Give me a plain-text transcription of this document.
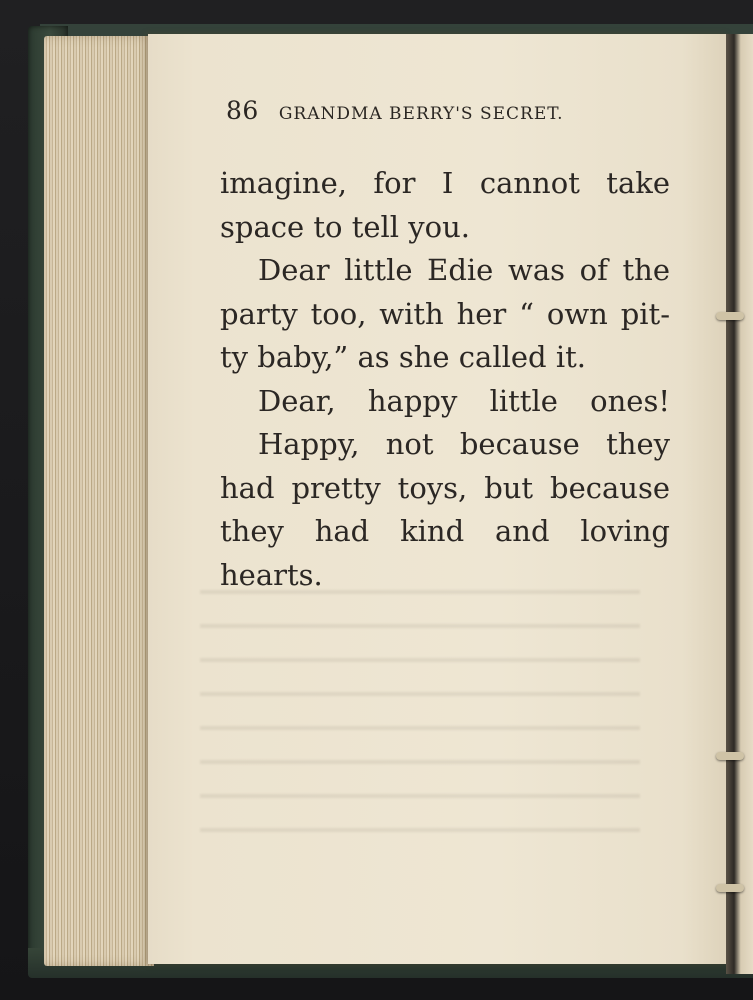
86 GRANDMA BERRY'S SECRET.
imagine, for I cannot take
space to tell you.
Dear little Edie was of the
party too, with her “ own pit-
ty baby,” as she called it.
Dear, happy little ones!
Happy, not because they
had pretty toys, but because
they had kind and loving
hearts.
